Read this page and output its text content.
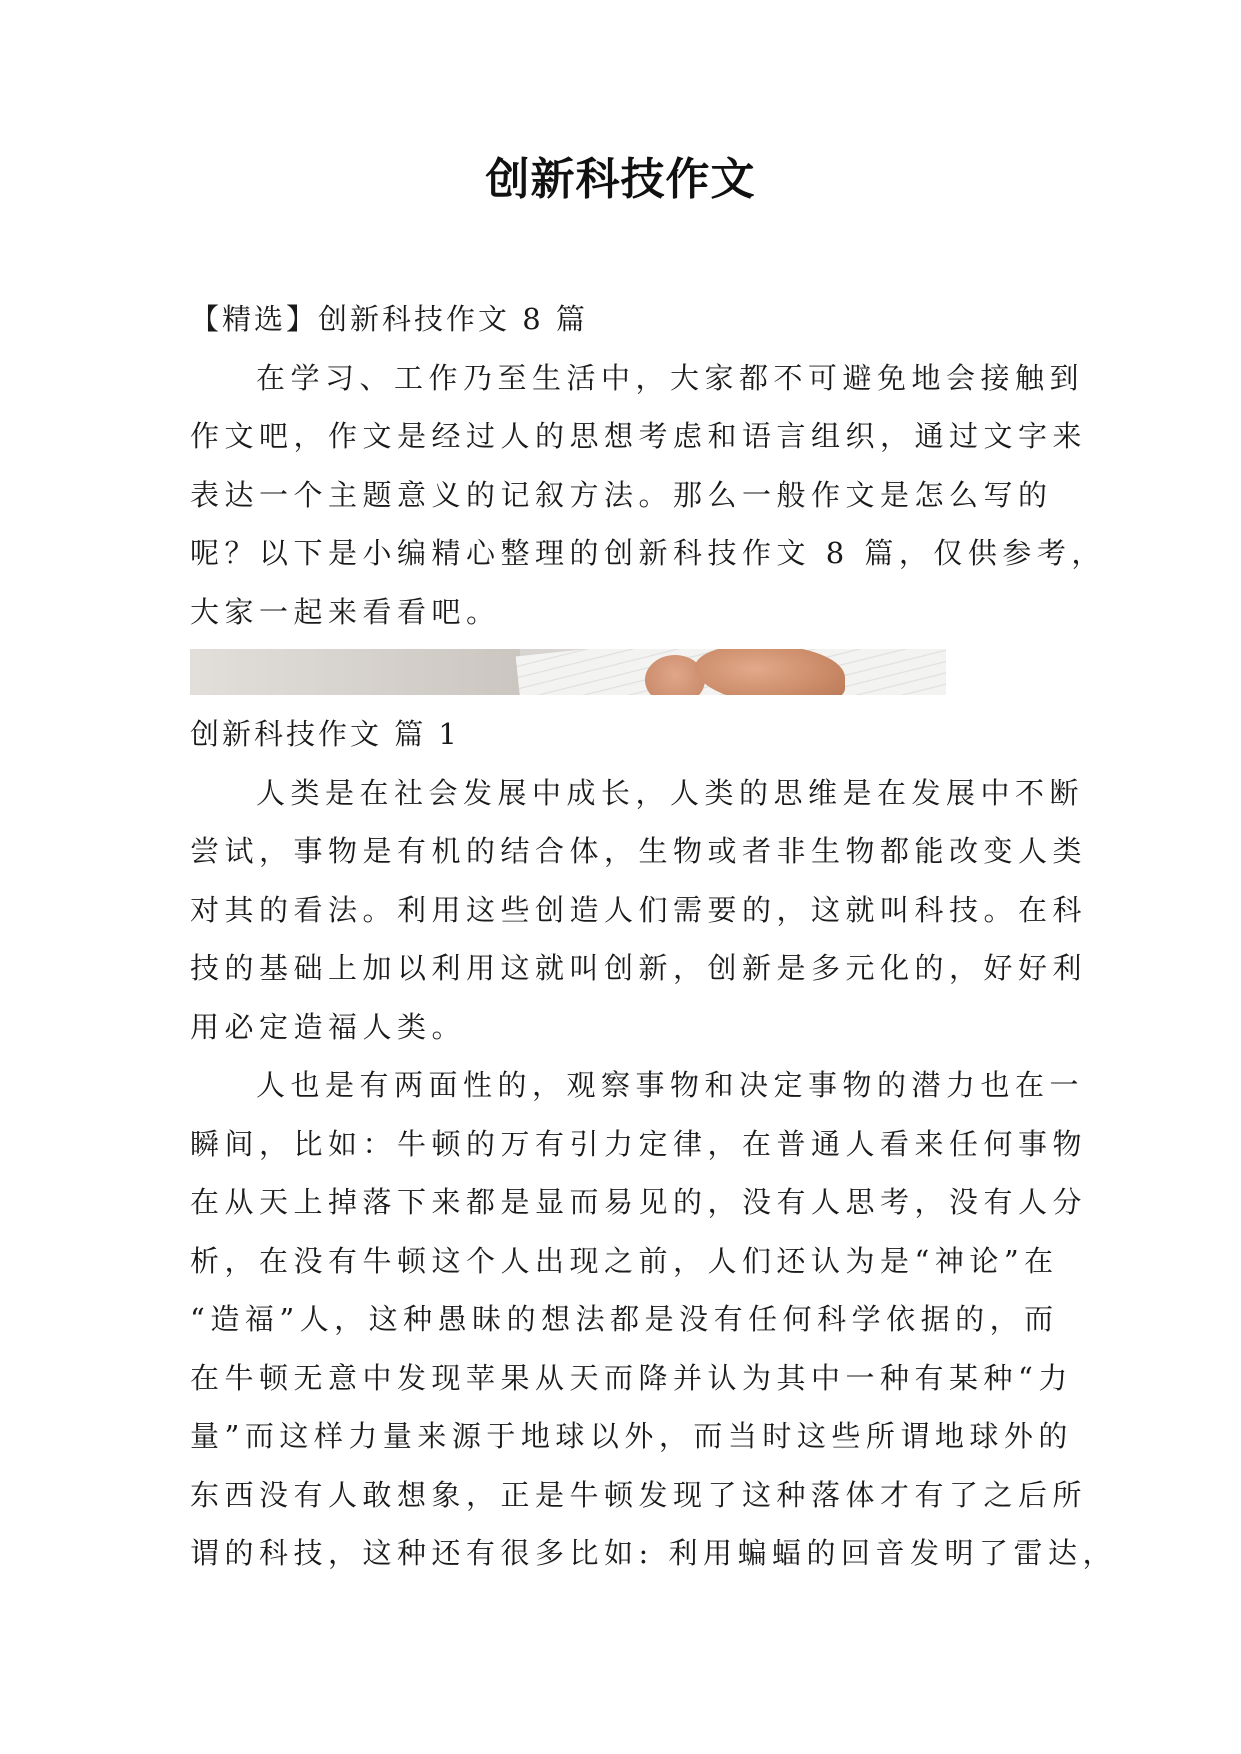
创新科技作文
【精选】创新科技作文 8 篇
在学习、工作乃至生活中，大家都不可避免地会接触到
作文吧，作文是经过人的思想考虑和语言组织，通过文字来
表达一个主题意义的记叙方法。那么一般作文是怎么写的
呢？以下是小编精心整理的创新科技作文 8 篇，仅供参考，
大家一起来看看吧。
创新科技作文 篇 1
人类是在社会发展中成长，人类的思维是在发展中不断
尝试，事物是有机的结合体，生物或者非生物都能改变人类
对其的看法。利用这些创造人们需要的，这就叫科技。在科
技的基础上加以利用这就叫创新，创新是多元化的，好好利
用必定造福人类。
人也是有两面性的，观察事物和决定事物的潜力也在一
瞬间，比如：牛顿的万有引力定律，在普通人看来任何事物
在从天上掉落下来都是显而易见的，没有人思考，没有人分
析，在没有牛顿这个人出现之前，人们还认为是“神论”在
“造福”人，这种愚昧的想法都是没有任何科学依据的，而
在牛顿无意中发现苹果从天而降并认为其中一种有某种“力
量”而这样力量来源于地球以外，而当时这些所谓地球外的
东西没有人敢想象，正是牛顿发现了这种落体才有了之后所
谓的科技，这种还有很多比如: 利用蝙蝠的回音发明了雷达，
